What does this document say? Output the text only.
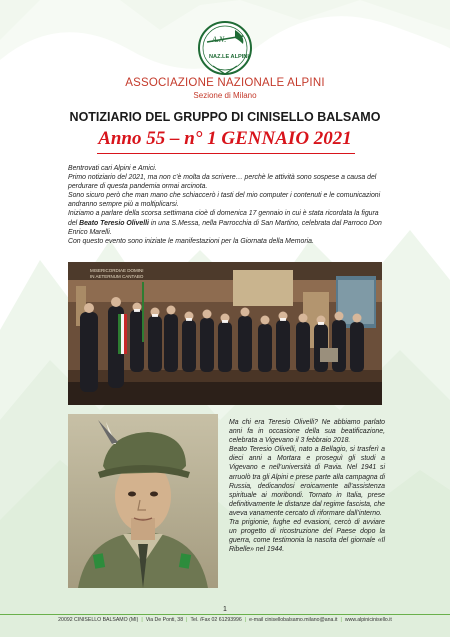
A.N.
NAZ.LE ALPINI
ASSOCIAZIONE NAZIONALE ALPINI
Sezione di Milano
NOTIZIARIO DEL GRUPPO DI CINISELLO BALSAMO
Anno 55 – n° 1 GENNAIO 2021

Bentrovati cari Alpini e Amici.

Primo notiziario del 2021, ma non c’è molta da scrivere… perchè le attività sono sospese a causa del perdurare di questa pandemia ormai arcinota.

Sono sicuro però che man mano che schiaccerò i tasti del mio computer i contenuti e le comunicazioni andranno sempre più a moltiplicarsi.

Iniziamo a parlare della scorsa settimana cioè di domenica 17 gennaio in cui è stata ricordata la figura del Beato Teresio Olivelli in una S.Messa, nella Parrocchia di San Martino, celebrata dal Parroco Don Enrico Marelli.

Con questo evento sono iniziate le manifestazioni per la Giornata della Memoria.

MISERICORDIAE DOMINI
IN AETERNUM CANTABO

Ma chi era Teresio Olivelli? Ne abbiamo parlato anni fa in occasione della sua beatificazione, celebrata a Vigevano il 3 febbraio 2018.

Beato Teresio Olivelli, nato a Bellagio, si trasferì a dieci anni a Mortara e proseguì gli studi a Vigevano e nell’università di Pavia. Nel 1941 si arruolò tra gli Alpini e prese parte alla campagna di Russia, dedicandosi eroicamente all’assistenza spirituale ai moribondi. Tornato in Italia, prese definitivamente le distanze dal regime fascista, che aveva vanamente cercato di riformare dall’interno.

Tra prigionie, fughe ed evasioni, cercò di avviare un progetto di ricostruzione del Paese dopo la guerra, come testimonia la nascita del giornale «Il Ribelle» nel 1944.

1
20092 CINISELLO BALSAMO (MI) | Via De Ponti, 38 | Tel. /Fax 02 61293996 | e-mail cinisellobalsamo.milano@ana.it | www.alpinicinisello.it
